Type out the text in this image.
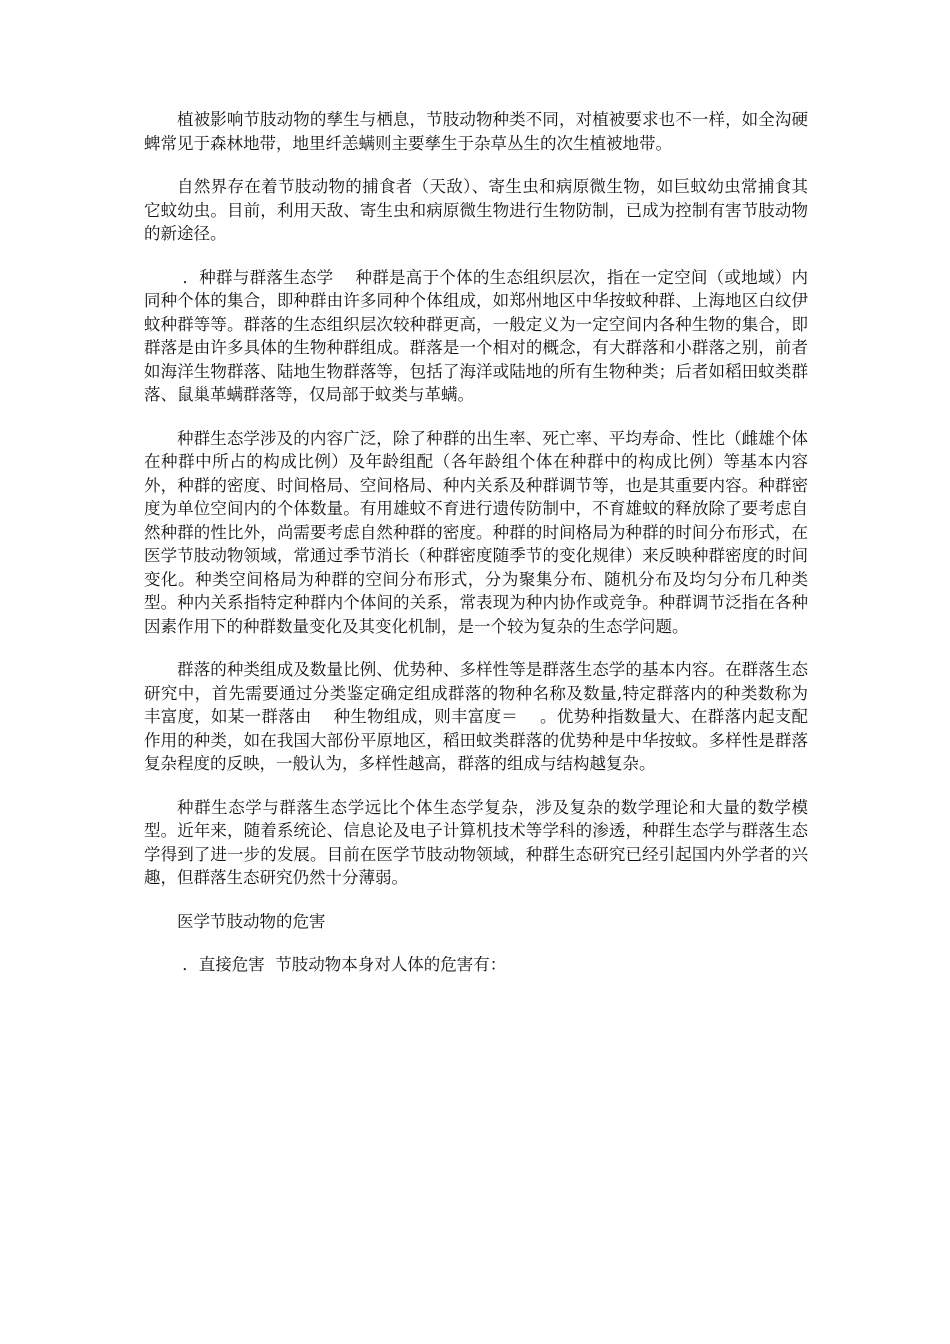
植被影响节肢动物的孳生与栖息，节肢动物种类不同，对植被要求也不一样，如全沟硬蜱常见于森林地带，地里纤恙螨则主要孳生于杂草丛生的次生植被地带。

自然界存在着节肢动物的捕食者（天敌）、寄生虫和病原微生物，如巨蚊幼虫常捕食其它蚊幼虫。目前，利用天敌、寄生虫和病原微生物进行生物防制，已成为控制有害节肢动物的新途径。

．种群与群落生态学    种群是高于个体的生态组织层次，指在一定空间（或地域）内同种个体的集合，即种群由许多同种个体组成，如郑州地区中华按蚊种群、上海地区白纹伊蚊种群等等。群落的生态组织层次较种群更高，一般定义为一定空间内各种生物的集合，即群落是由许多具体的生物种群组成。群落是一个相对的概念，有大群落和小群落之别，前者如海洋生物群落、陆地生物群落等，包括了海洋或陆地的所有生物种类；后者如稻田蚊类群落、鼠巢革螨群落等，仅局部于蚊类与革螨。

种群生态学涉及的内容广泛，除了种群的出生率、死亡率、平均寿命、性比（雌雄个体在种群中所占的构成比例）及年龄组配（各年龄组个体在种群中的构成比例）等基本内容外，种群的密度、时间格局、空间格局、种内关系及种群调节等，也是其重要内容。种群密度为单位空间内的个体数量。有用雄蚊不育进行遗传防制中，不育雄蚊的释放除了要考虑自然种群的性比外，尚需要考虑自然种群的密度。种群的时间格局为种群的时间分布形式，在医学节肢动物领域，常通过季节消长（种群密度随季节的变化规律）来反映种群密度的时间变化。种类空间格局为种群的空间分布形式，分为聚集分布、随机分布及均匀分布几种类型。种内关系指特定种群内个体间的关系，常表现为种内协作或竞争。种群调节泛指在各种因素作用下的种群数量变化及其变化机制，是一个较为复杂的生态学问题。

群落的种类组成及数量比例、优势种、多样性等是群落生态学的基本内容。在群落生态研究中，首先需要通过分类鉴定确定组成群落的物种名称及数量,特定群落内的种类数称为丰富度，如某一群落由    种生物组成，则丰富度＝    。优势种指数量大、在群落内起支配作用的种类，如在我国大部份平原地区，稻田蚊类群落的优势种是中华按蚊。多样性是群落复杂程度的反映，一般认为，多样性越高，群落的组成与结构越复杂。

种群生态学与群落生态学远比个体生态学复杂，涉及复杂的数学理论和大量的数学模型。近年来，随着系统论、信息论及电子计算机技术等学科的渗透，种群生态学与群落生态学得到了进一步的发展。目前在医学节肢动物领域，种群生态研究已经引起国内外学者的兴趣，但群落生态研究仍然十分薄弱。

医学节肢动物的危害

．直接危害  节肢动物本身对人体的危害有：
